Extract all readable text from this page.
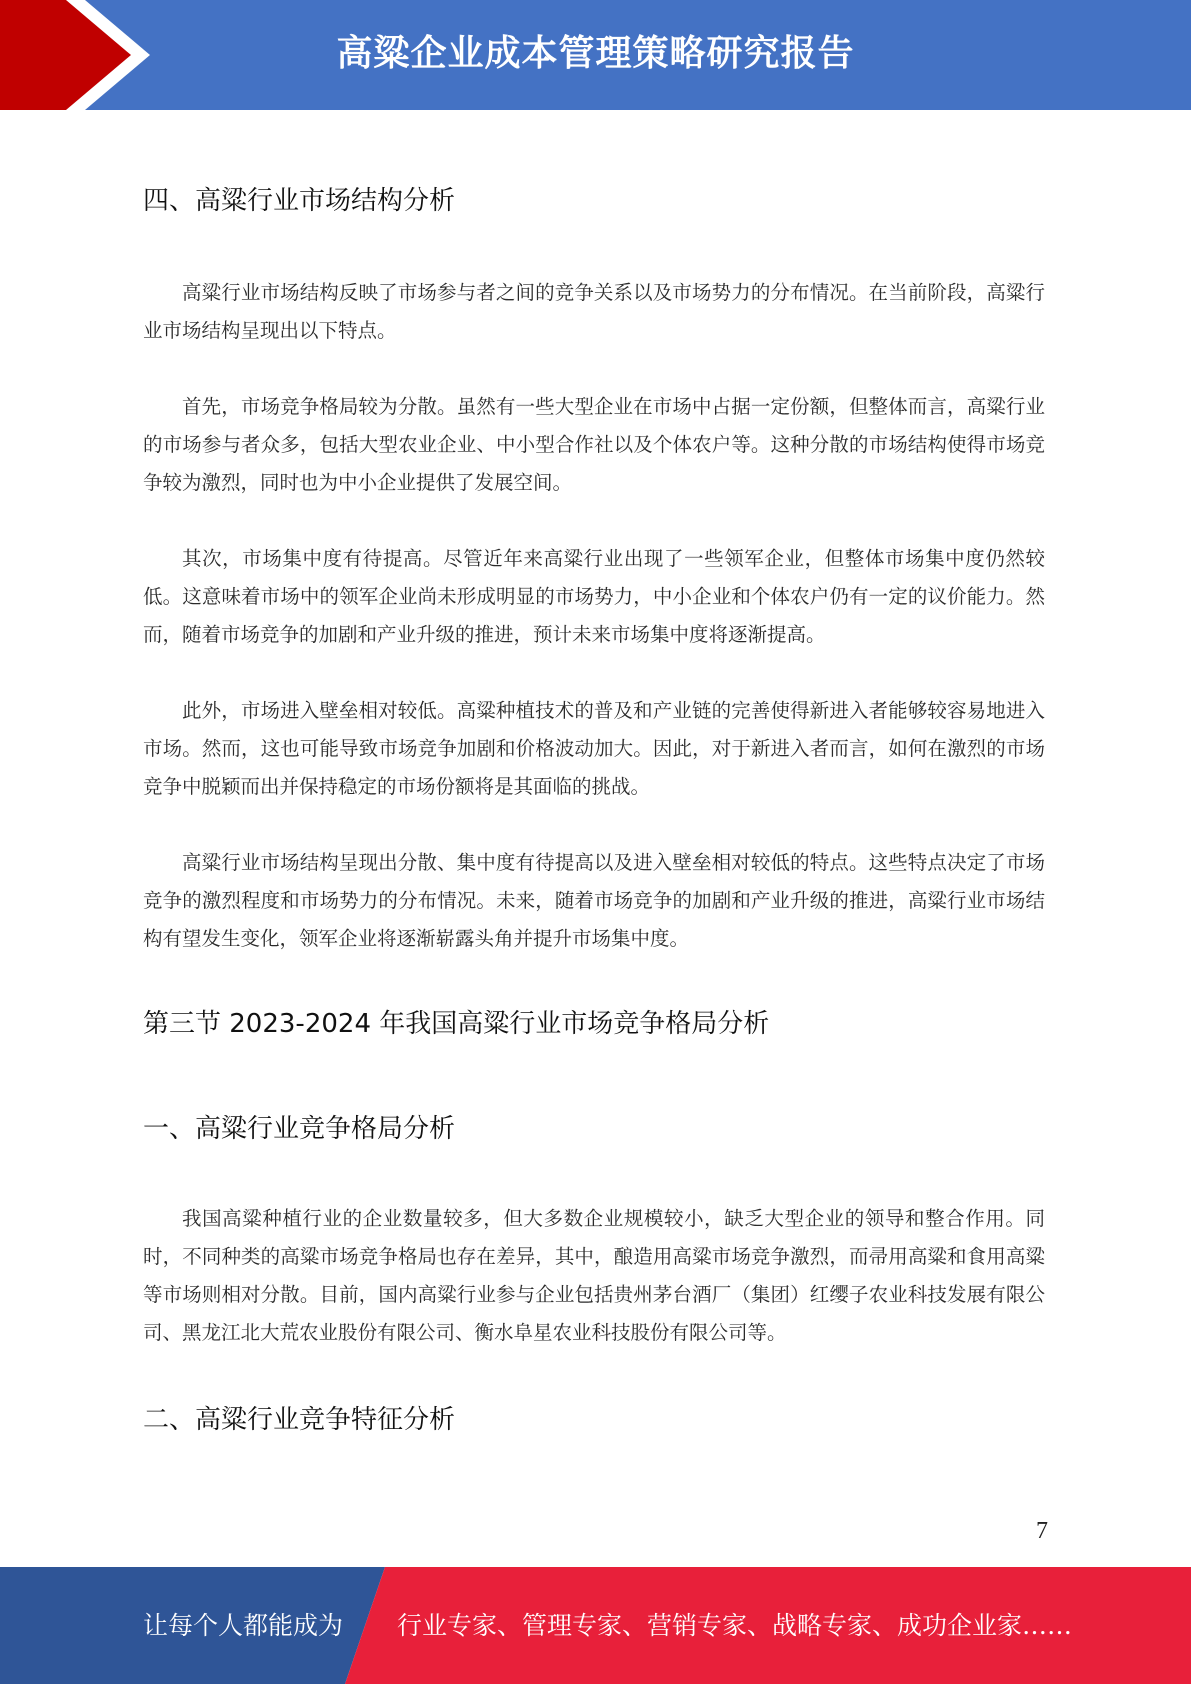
高粱企业成本管理策略研究报告
四、高粱行业市场结构分析
高粱行业市场结构反映了市场参与者之间的竞争关系以及市场势力的分布情况。在当前阶段，高粱行业市场结构呈现出以下特点。
首先，市场竞争格局较为分散。虽然有一些大型企业在市场中占据一定份额，但整体而言，高粱行业的市场参与者众多，包括大型农业企业、中小型合作社以及个体农户等。这种分散的市场结构使得市场竞争较为激烈，同时也为中小企业提供了发展空间。
其次，市场集中度有待提高。尽管近年来高粱行业出现了一些领军企业，但整体市场集中度仍然较低。这意味着市场中的领军企业尚未形成明显的市场势力，中小企业和个体农户仍有一定的议价能力。然而，随着市场竞争的加剧和产业升级的推进，预计未来市场集中度将逐渐提高。
此外，市场进入壁垒相对较低。高粱种植技术的普及和产业链的完善使得新进入者能够较容易地进入市场。然而，这也可能导致市场竞争加剧和价格波动加大。因此，对于新进入者而言，如何在激烈的市场竞争中脱颖而出并保持稳定的市场份额将是其面临的挑战。
高粱行业市场结构呈现出分散、集中度有待提高以及进入壁垒相对较低的特点。这些特点决定了市场竞争的激烈程度和市场势力的分布情况。未来，随着市场竞争的加剧和产业升级的推进，高粱行业市场结构有望发生变化，领军企业将逐渐崭露头角并提升市场集中度。
第三节 2023-2024 年我国高粱行业市场竞争格局分析
一、高粱行业竞争格局分析
我国高粱种植行业的企业数量较多，但大多数企业规模较小，缺乏大型企业的领导和整合作用。同时，不同种类的高粱市场竞争格局也存在差异，其中，酿造用高粱市场竞争激烈，而帚用高粱和食用高粱等市场则相对分散。目前，国内高粱行业参与企业包括贵州茅台酒厂（集团）红缨子农业科技发展有限公司、黑龙江北大荒农业股份有限公司、衡水阜星农业科技股份有限公司等。
二、高粱行业竞争特征分析
7
让每个人都能成为 行业专家、管理专家、营销专家、战略专家、成功企业家……
